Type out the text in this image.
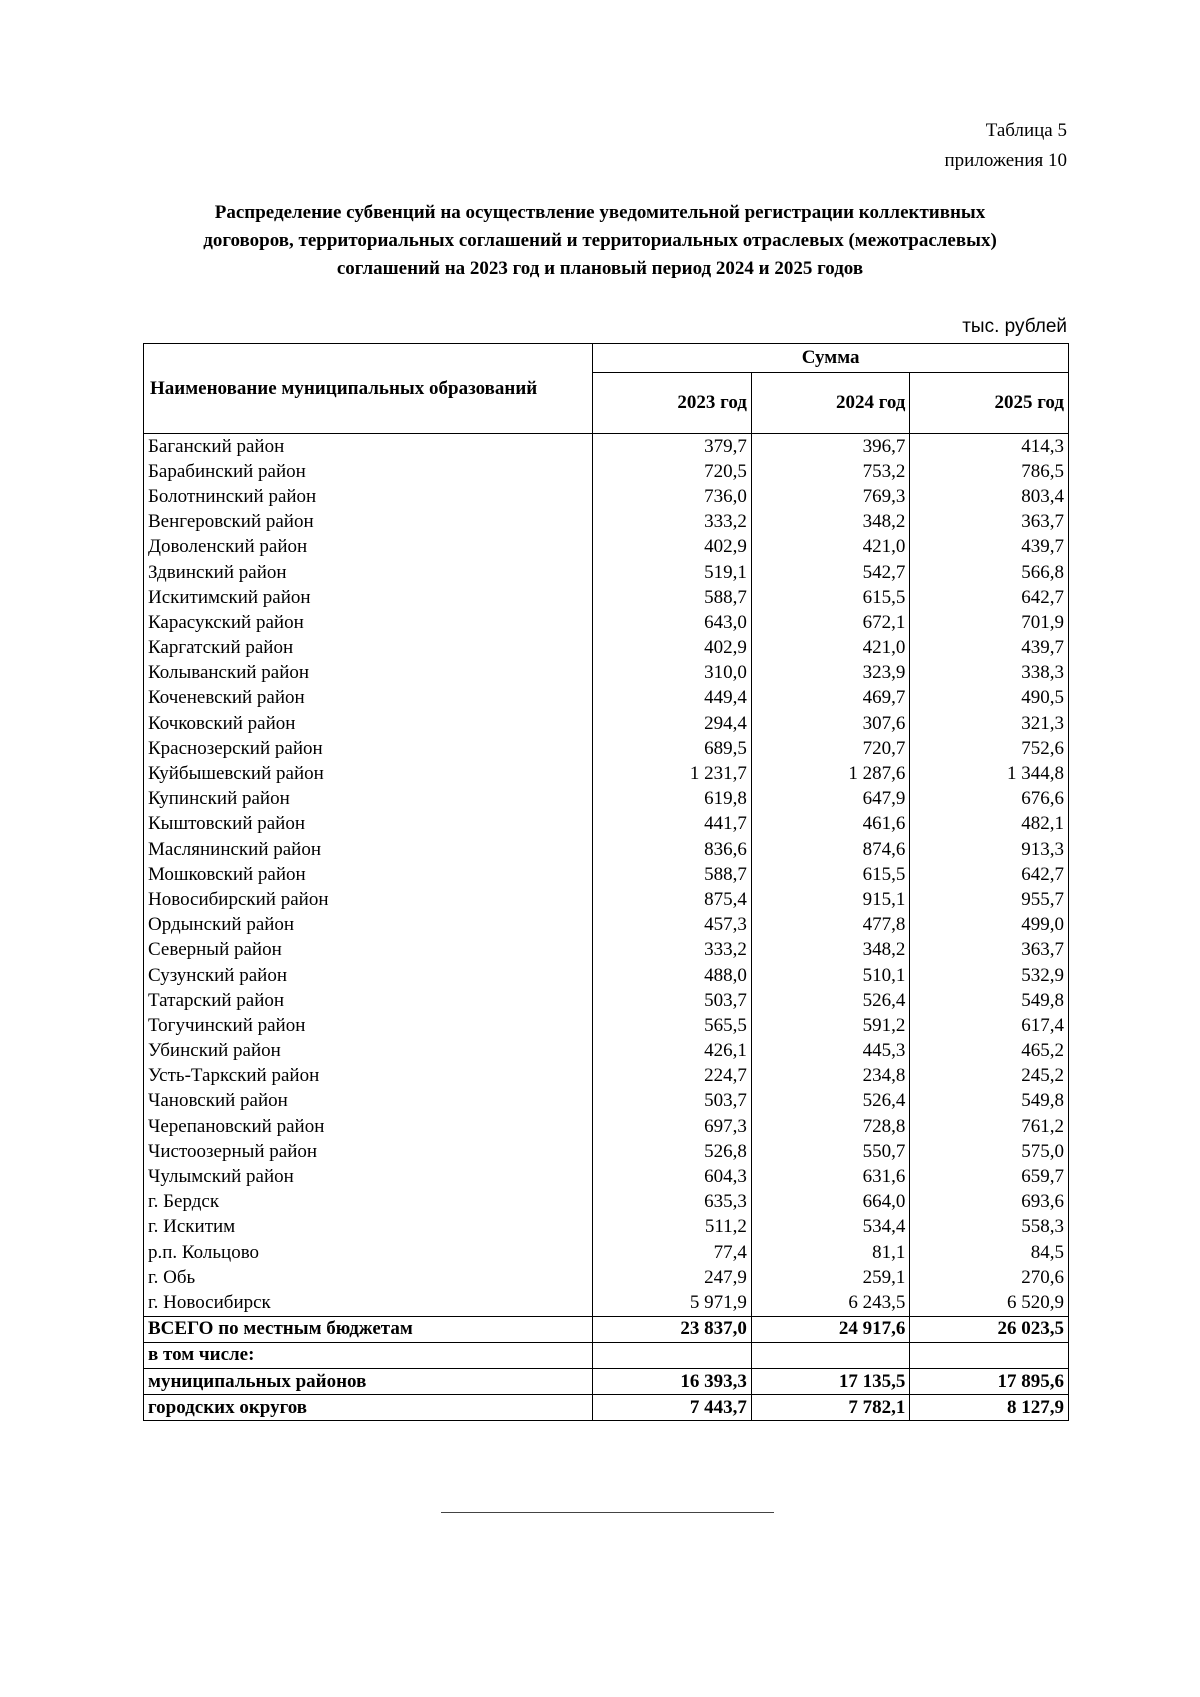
Таблица 5
приложения 10
Распределение субвенций на осуществление уведомительной регистрации коллективных
договоров, территориальных соглашений и территориальных отраслевых (межотраслевых)
соглашений на 2023 год и плановый период 2024 и 2025 годов
тыс. рублей
Наименование муниципальных образований	Сумма		
	2023 год	2024 год	2025 год
Баганский район	379,7	396,7	414,3
Барабинский район	720,5	753,2	786,5
Болотнинский район	736,0	769,3	803,4
Венгеровский район	333,2	348,2	363,7
Доволенский район	402,9	421,0	439,7
Здвинский район	519,1	542,7	566,8
Искитимский район	588,7	615,5	642,7
Карасукский район	643,0	672,1	701,9
Каргатский район	402,9	421,0	439,7
Колыванский район	310,0	323,9	338,3
Коченевский район	449,4	469,7	490,5
Кочковский район	294,4	307,6	321,3
Краснозерский район	689,5	720,7	752,6
Куйбышевский район	1 231,7	1 287,6	1 344,8
Купинский район	619,8	647,9	676,6
Кыштовский район	441,7	461,6	482,1
Маслянинский район	836,6	874,6	913,3
Мошковский район	588,7	615,5	642,7
Новосибирский район	875,4	915,1	955,7
Ордынский район	457,3	477,8	499,0
Северный район	333,2	348,2	363,7
Сузунский район	488,0	510,1	532,9
Татарский район	503,7	526,4	549,8
Тогучинский район	565,5	591,2	617,4
Убинский район	426,1	445,3	465,2
Усть-Таркский район	224,7	234,8	245,2
Чановский район	503,7	526,4	549,8
Черепановский район	697,3	728,8	761,2
Чистоозерный район	526,8	550,7	575,0
Чулымский район	604,3	631,6	659,7
г. Бердск	635,3	664,0	693,6
г. Искитим	511,2	534,4	558,3
р.п. Кольцово	77,4	81,1	84,5
г. Обь	247,9	259,1	270,6
г. Новосибирск	5 971,9	6 243,5	6 520,9
ВСЕГО по местным бюджетам	23 837,0	24 917,6	26 023,5
в том числе:			
муниципальных районов	16 393,3	17 135,5	17 895,6
городских округов	7 443,7	7 782,1	8 127,9
